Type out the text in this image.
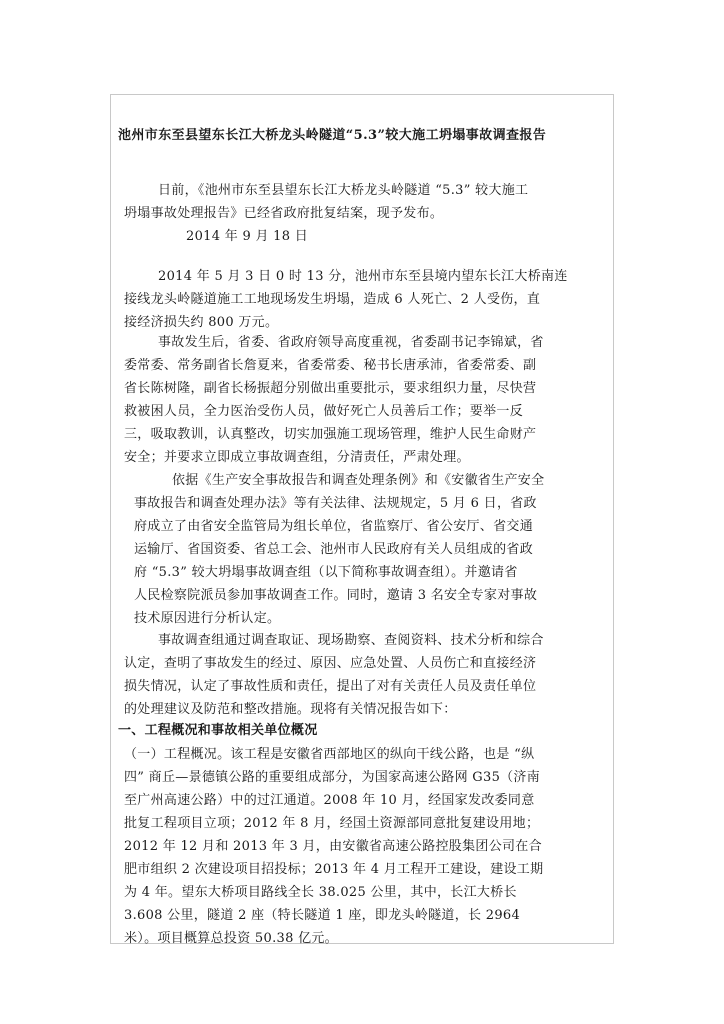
池州市东至县望东长江大桥龙头岭隧道“5.3”较大施工坍塌事故调查报告
日前，《池州市东至县望东长江大桥龙头岭隧道 “5.3” 较大施工
坍塌事故处理报告》已经省政府批复结案，现予发布。
2014 年 9 月 18 日
2014 年 5 月 3 日 0 时 13 分，池州市东至县境内望东长江大桥南连
接线龙头岭隧道施工工地现场发生坍塌，造成 6 人死亡、2 人受伤，直
接经济损失约 800 万元。
事故发生后，省委、省政府领导高度重视，省委副书记李锦斌，省
委常委、常务副省长詹夏来，省委常委、秘书长唐承沛，省委常委、副
省长陈树隆，副省长杨振超分别做出重要批示，要求组织力量，尽快营
救被困人员，全力医治受伤人员，做好死亡人员善后工作；要举一反
三，吸取教训，认真整改，切实加强施工现场管理，维护人民生命财产
安全；并要求立即成立事故调查组，分清责任，严肃处理。
依据《生产安全事故报告和调查处理条例》和《安徽省生产安全
事故报告和调查处理办法》等有关法律、法规规定，5 月 6 日，省政
府成立了由省安全监管局为组长单位，省监察厅、省公安厅、省交通
运输厅、省国资委、省总工会、池州市人民政府有关人员组成的省政
府 “5.3” 较大坍塌事故调查组（以下简称事故调查组）。并邀请省
人民检察院派员参加事故调查工作。同时，邀请 3 名安全专家对事故
技术原因进行分析认定。
事故调查组通过调查取证、现场勘察、查阅资料、技术分析和综合
认定，查明了事故发生的经过、原因、应急处置、人员伤亡和直接经济
损失情况，认定了事故性质和责任，提出了对有关责任人员及责任单位
的处理建议及防范和整改措施。现将有关情况报告如下：
一、工程概况和事故相关单位概况
（一）工程概况。该工程是安徽省西部地区的纵向干线公路，也是 “纵
四” 商丘—景德镇公路的重要组成部分，为国家高速公路网 G35（济南
至广州高速公路）中的过江通道。2008 年 10 月，经国家发改委同意
批复工程项目立项；2012 年 8 月，经国土资源部同意批复建设用地；
2012 年 12 月和 2013 年 3 月，由安徽省高速公路控股集团公司在合
肥市组织 2 次建设项目招投标；2013 年 4 月工程开工建设，建设工期
为 4 年。望东大桥项目路线全长 38.025 公里，其中，长江大桥长
3.608 公里，隧道 2 座（特长隧道 1 座，即龙头岭隧道，长 2964
米）。项目概算总投资 50.38 亿元。
